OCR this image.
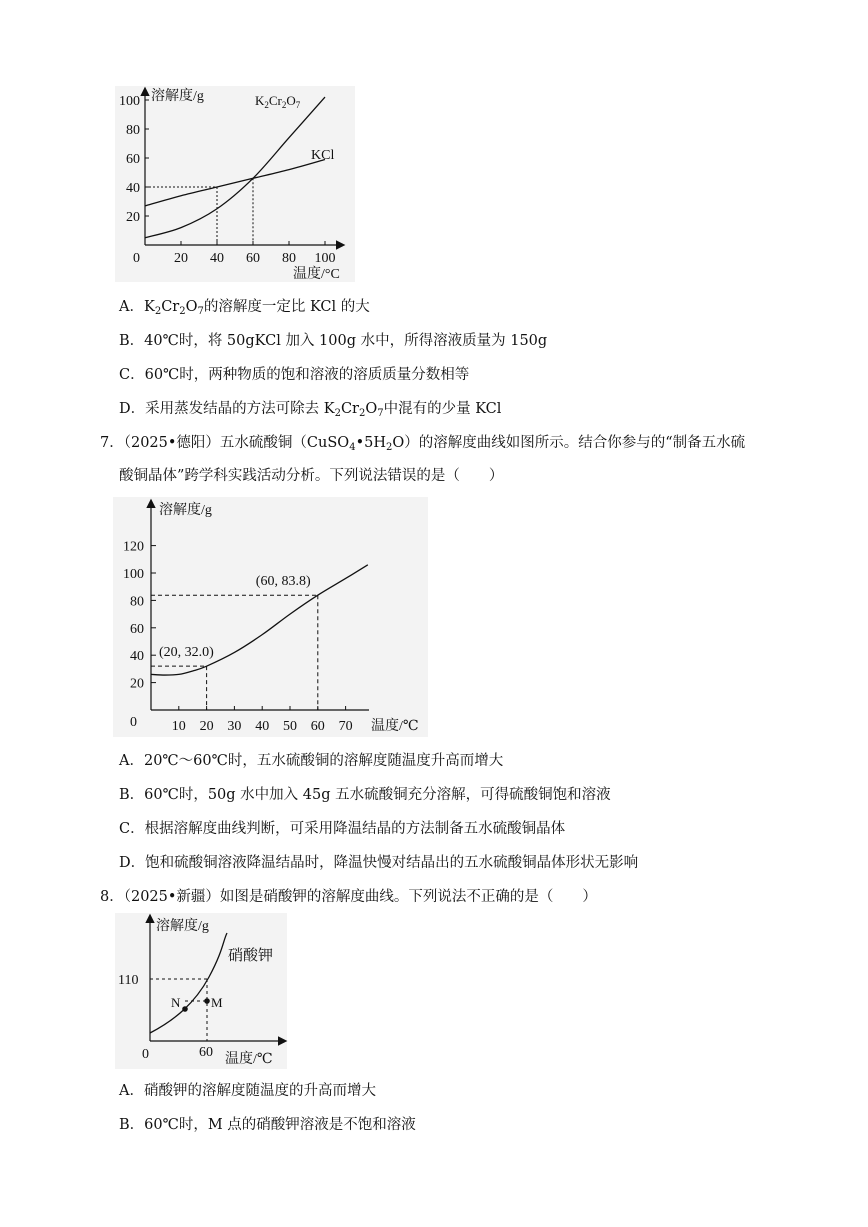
溶解度/g
温度/°C
0 20 40 60 80 100
20
40
60
80
100	$K_2Cr_2O_7$
KCl
A．$K_2Cr_2O_7$的溶解度一定比 KCl 的大
B．40℃时，将 50gKCl 加入 100g 水中，所得溶液质量为 150g
C．60℃时，两种物质的饱和溶液的溶质质量分数相等
D．采用蒸发结晶的方法可除去 $K_2Cr_2O_7$中混有的少量 KCl
7．（2025•德阳）五水硫酸铜$(CuSO_4•5H_2O)$的溶解度曲线如图所示。结合你参与的“制备五水硫
酸铜晶体”跨学科实践活动分析。下列说法错误的是（　　）
溶解度/g
温度/℃
0 10 20 30 40 50 60 70
20
40
60
80
100
120
(20, 32.0)
(60, 83.8)
A．20℃～60℃时，五水硫酸铜的溶解度随温度升高而增大
B．60℃时，50g 水中加入 45g 五水硫酸铜充分溶解，可得硫酸铜饱和溶液
C．根据溶解度曲线判断，可采用降温结晶的方法制备五水硫酸铜晶体
D．饱和硫酸铜溶液降温结晶时，降温快慢对结晶出的五水硫酸铜晶体形状无影响
8．（2025•新疆）如图是硝酸钾的溶解度曲线。下列说法不正确的是（　　）
溶解度/g
温度/℃
0	60
110
硝酸钾
N M
A．硝酸钾的溶解度随温度的升高而增大
B．60℃时，M 点的硝酸钾溶液是不饱和溶液
